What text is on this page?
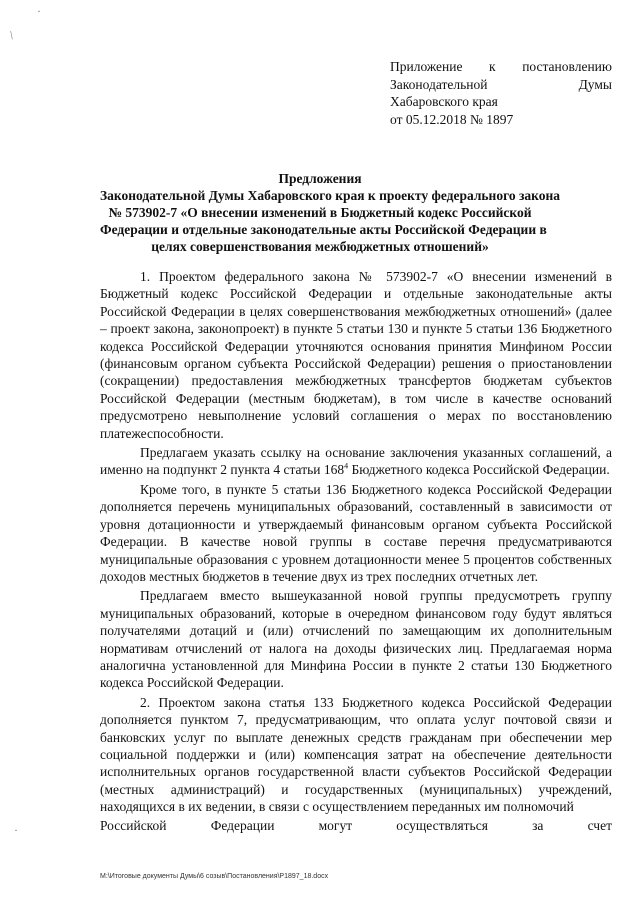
·
/
·
Приложение к постановлению
Законодательной	Думы
Хабаровского края
от 05.12.2018 № 1897
Предложения
Законодательной Думы Хабаровского края к проекту федерального закона
№ 573902-7 «О внесении изменений в Бюджетный кодекс Российской
Федерации и отдельные законодательные акты Российской Федерации в
целях совершенствования межбюджетных отношений»

1. Проектом федерального закона № 573902-7 «О внесении изменений в Бюджетный кодекс Российской Федерации и отдельные законодательные акты Российской Федерации в целях совершенствования межбюджетных отношений» (далее – проект закона, законопроект) в пункте 5 статьи 130 и пункте 5 статьи 136 Бюджетного кодекса Российской Федерации уточняются основания принятия Минфином России (финансовым органом субъекта Российской Федерации) решения о приостановлении (сокращении) предоставления межбюджетных трансфертов бюджетам субъектов Российской Федерации (местным бюджетам), в том числе в качестве оснований предусмотрено невыполнение условий соглашения о мерах по восстановлению платежеспособности.

Предлагаем указать ссылку на основание заключения указанных соглашений, а именно на подпункт 2 пункта 4 статьи $168^4$ Бюджетного кодекса Российской Федерации.

Кроме того, в пункте 5 статьи 136 Бюджетного кодекса Российской Федерации дополняется перечень муниципальных образований, составленный в зависимости от уровня дотационности и утверждаемый финансовым органом субъекта Российской Федерации. В качестве новой группы в составе перечня предусматриваются муниципальные образования с уровнем дотационности менее 5 процентов собственных доходов местных бюджетов в течение двух из трех последних отчетных лет.

Предлагаем вместо вышеуказанной новой группы предусмотреть группу муниципальных образований, которые в очередном финансовом году будут являться получателями дотаций и (или) отчислений по замещающим их дополнительным нормативам отчислений от налога на доходы физических лиц. Предлагаемая норма аналогична установленной для Минфина России в пункте 2 статьи 130 Бюджетного кодекса Российской Федерации.

2. Проектом закона статья 133 Бюджетного кодекса Российской Федерации дополняется пунктом 7, предусматривающим, что оплата услуг почтовой связи и банковских услуг по выплате денежных средств гражданам при обеспечении мер социальной поддержки и (или) компенсация затрат на обеспечение деятельности исполнительных органов государственной власти субъектов Российской Федерации (местных администраций) и государственных (муниципальных) учреждений, находящихся в их ведении, в связи с осуществлением переданных им полномочий

Российской	Федерации	могут	осуществляться	за	счет
M:\Итоговые документы Думы\6 созыв\Постановления\P1897_18.docx
